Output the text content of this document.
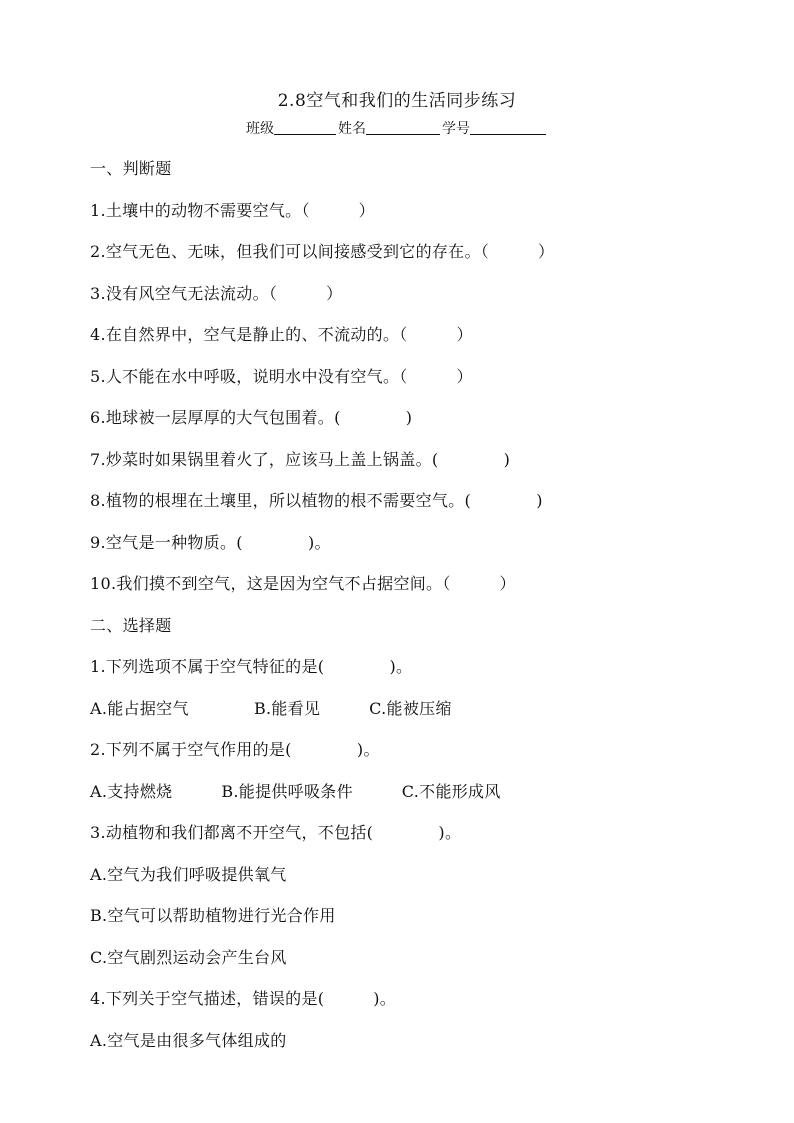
2.8空气和我们的生活同步练习
班级	姓名	学号
一、判断题
1.土壤中的动物不需要空气。（　　　）
2.空气无色、无味，但我们可以间接感受到它的存在。（　　　）
3.没有风空气无法流动。（　　　）
4.在自然界中，空气是静止的、不流动的。（　　　）
5.人不能在水中呼吸，说明水中没有空气。（　　　）
6.地球被一层厚厚的大气包围着。(　　　　)
7.炒菜时如果锅里着火了，应该马上盖上锅盖。(　　　　)
8.植物的根埋在土壤里，所以植物的根不需要空气。(　　　　)
9.空气是一种物质。(　　　　)。
10.我们摸不到空气，这是因为空气不占据空间。（　　　）
二、选择题
1.下列选项不属于空气特征的是(　　　　)。
A.能占据空气　　　　B.能看见　　　C.能被压缩
2.下列不属于空气作用的是(　　　　)。
A.支持燃烧　　　B.能提供呼吸条件　　　C.不能形成风
3.动植物和我们都离不开空气，不包括(　　　　)。
A.空气为我们呼吸提供氧气
B.空气可以帮助植物进行光合作用
C.空气剧烈运动会产生台风
4.下列关于空气描述，错误的是(　　　)。
A.空气是由很多气体组成的
